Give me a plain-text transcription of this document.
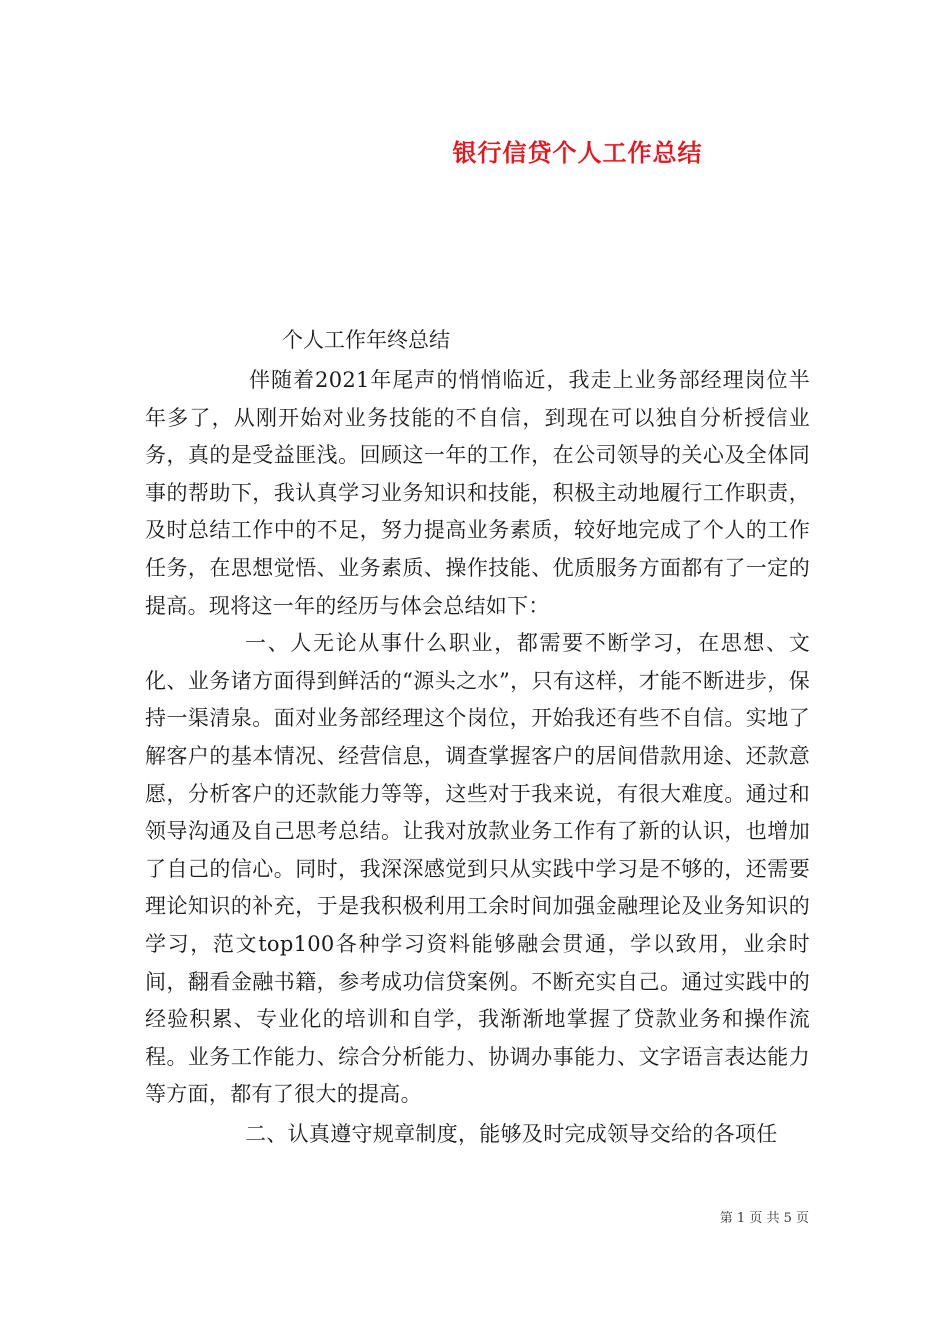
银行信贷个人工作总结

个人工作年终总结

伴随着2021年尾声的悄悄临近，我走上业务部经理岗位半年多了，从刚开始对业务技能的不自信，到现在可以独自分析授信业务，真的是受益匪浅。回顾这一年的工作，在公司领导的关心及全体同事的帮助下，我认真学习业务知识和技能，积极主动地履行工作职责，及时总结工作中的不足，努力提高业务素质，较好地完成了个人的工作任务，在思想觉悟、业务素质、操作技能、优质服务方面都有了一定的提高。现将这一年的经历与体会总结如下：

一、人无论从事什么职业，都需要不断学习，在思想、文化、业务诸方面得到鲜活的“源头之水”，只有这样，才能不断进步，保持一渠清泉。面对业务部经理这个岗位，开始我还有些不自信。实地了解客户的基本情况、经营信息，调查掌握客户的居间借款用途、还款意愿，分析客户的还款能力等等，这些对于我来说，有很大难度。通过和领导沟通及自己思考总结。让我对放款业务工作有了新的认识，也增加了自己的信心。同时，我深深感觉到只从实践中学习是不够的，还需要理论知识的补充，于是我积极利用工余时间加强金融理论及业务知识的学习，范文top100各种学习资料能够融会贯通，学以致用，业余时间，翻看金融书籍，参考成功信贷案例。不断充实自己。通过实践中的经验积累、专业化的培训和自学，我渐渐地掌握了贷款业务和操作流程。业务工作能力、综合分析能力、协调办事能力、文字语言表达能力等方面，都有了很大的提高。

二、认真遵守规章制度，能够及时完成领导交给的各项任

第 1 页 共 5 页
